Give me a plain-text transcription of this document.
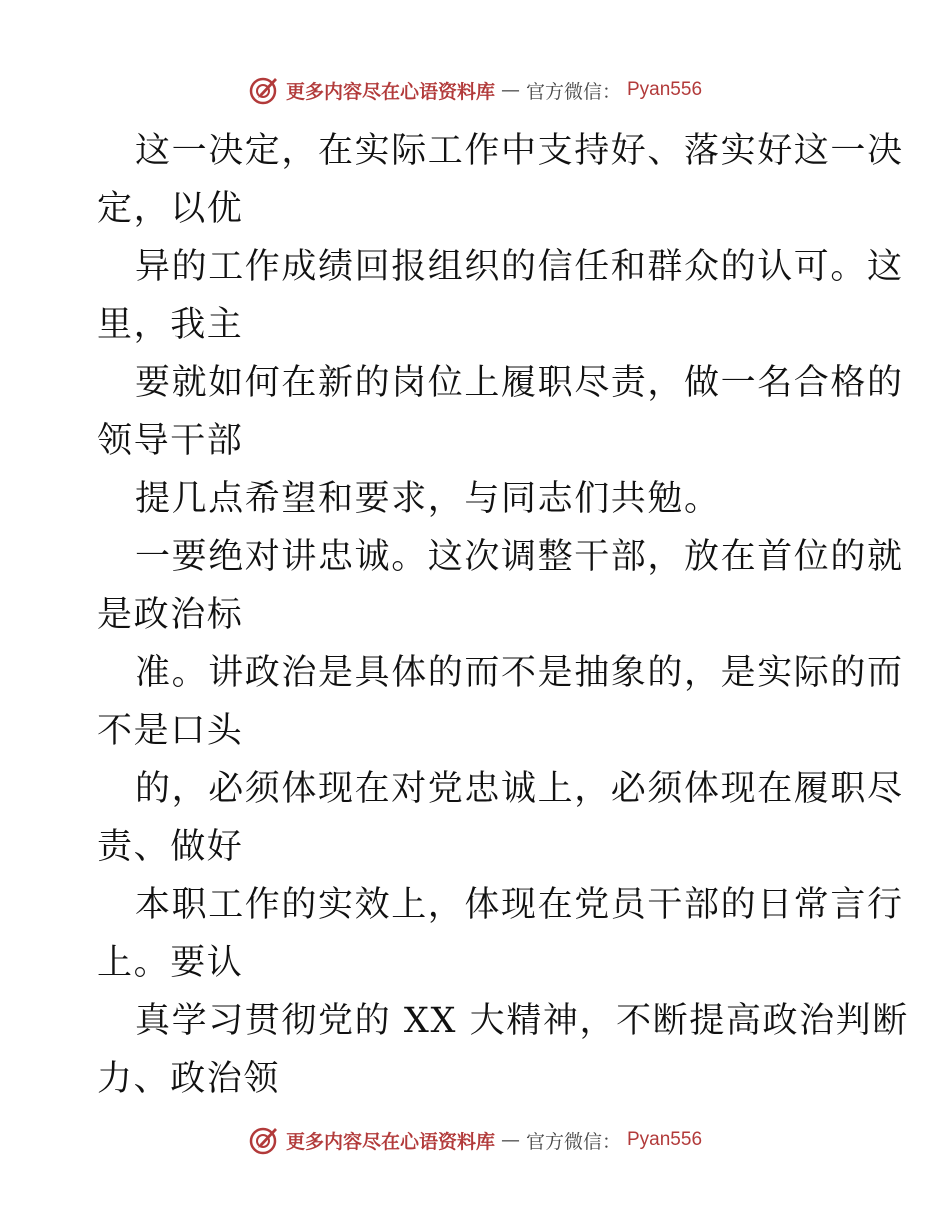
更多内容尽在心语资料库 — 官方微信： Pyan556

这一决定，在实际工作中支持好、落实好这一决
定，以优

异的工作成绩回报组织的信任和群众的认可。这
里，我主

要就如何在新的岗位上履职尽责，做一名合格的
领导干部

提几点希望和要求，与同志们共勉。

一要绝对讲忠诚。这次调整干部，放在首位的就
是政治标

准。讲政治是具体的而不是抽象的，是实际的而
不是口头

的，必须体现在对党忠诚上，必须体现在履职尽
责、做好

本职工作的实效上，体现在党员干部的日常言行
上。要认

真学习贯彻党的 XX 大精神，不断提高政治判断
力、政治领

更多内容尽在心语资料库 — 官方微信： Pyan556
